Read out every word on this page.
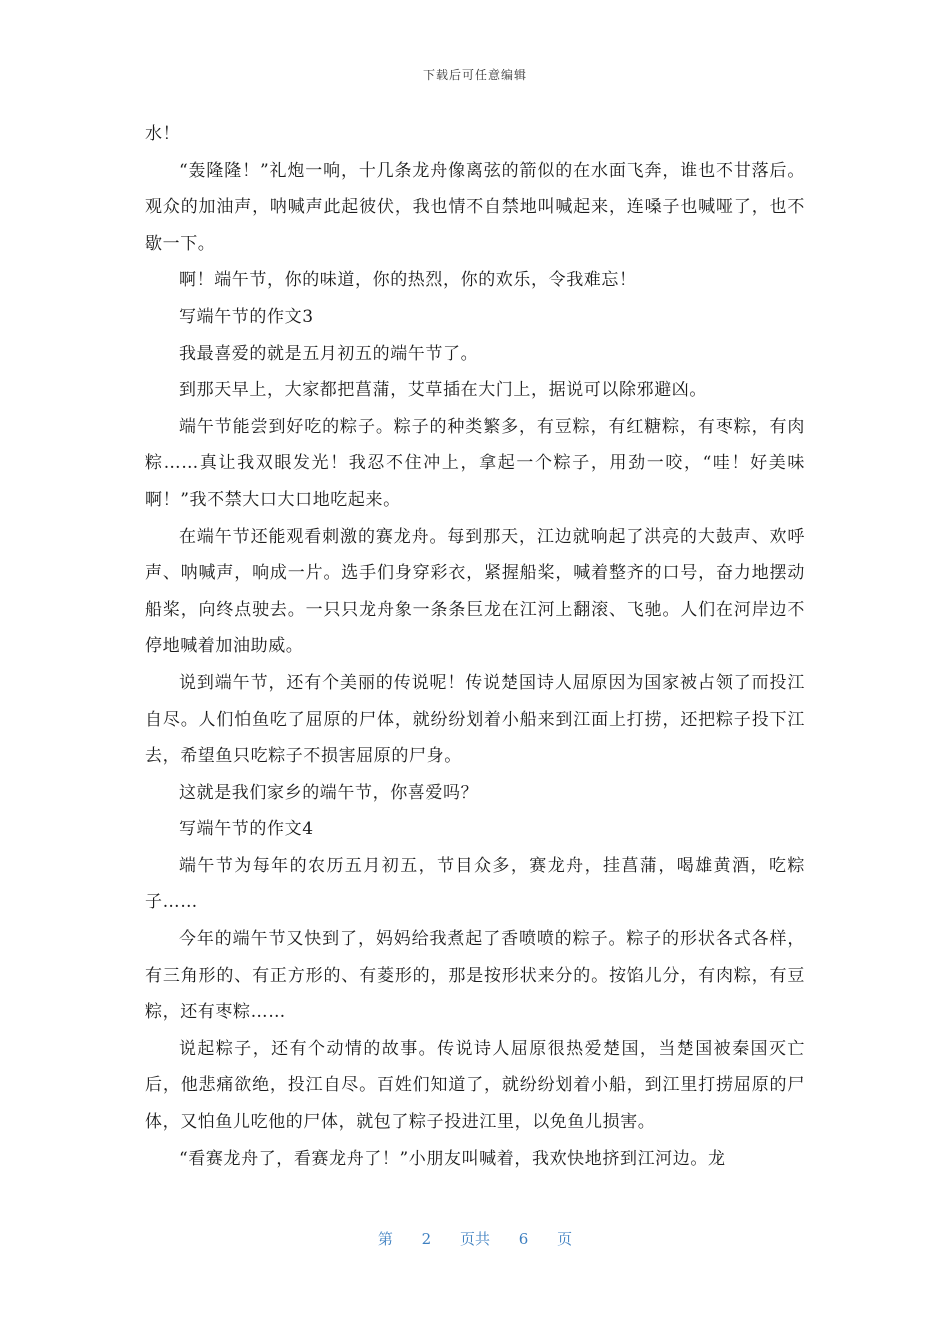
下载后可任意编辑

水！

“轰隆隆！”礼炮一响，十几条龙舟像离弦的箭似的在水面飞奔，谁也不甘落后。观众的加油声，呐喊声此起彼伏，我也情不自禁地叫喊起来，连嗓子也喊哑了，也不歇一下。

啊！端午节，你的味道，你的热烈，你的欢乐，令我难忘！

写端午节的作文3

我最喜爱的就是五月初五的端午节了。

到那天早上，大家都把菖蒲，艾草插在大门上，据说可以除邪避凶。

端午节能尝到好吃的粽子。粽子的种类繁多，有豆粽，有红糖粽，有枣粽，有肉粽……真让我双眼发光！我忍不住冲上，拿起一个粽子，用劲一咬，“哇！好美味啊！”我不禁大口大口地吃起来。

在端午节还能观看刺激的赛龙舟。每到那天，江边就响起了洪亮的大鼓声、欢呼声、呐喊声，响成一片。选手们身穿彩衣，紧握船桨，喊着整齐的口号，奋力地摆动船桨，向终点驶去。一只只龙舟象一条条巨龙在江河上翻滚、飞驰。人们在河岸边不停地喊着加油助威。

说到端午节，还有个美丽的传说呢！传说楚国诗人屈原因为国家被占领了而投江自尽。人们怕鱼吃了屈原的尸体，就纷纷划着小船来到江面上打捞，还把粽子投下江去，希望鱼只吃粽子不损害屈原的尸身。

这就是我们家乡的端午节，你喜爱吗？

写端午节的作文4

端午节为每年的农历五月初五，节目众多，赛龙舟，挂菖蒲，喝雄黄酒，吃粽子……

今年的端午节又快到了，妈妈给我煮起了香喷喷的粽子。粽子的形状各式各样，有三角形的、有正方形的、有菱形的，那是按形状来分的。按馅儿分，有肉粽，有豆粽，还有枣粽……

说起粽子，还有个动情的故事。传说诗人屈原很热爱楚国，当楚国被秦国灭亡后，他悲痛欲绝，投江自尽。百姓们知道了，就纷纷划着小船，到江里打捞屈原的尸体，又怕鱼儿吃他的尸体，就包了粽子投进江里，以免鱼儿损害。

“看赛龙舟了，看赛龙舟了！”小朋友叫喊着，我欢快地挤到江河边。龙

第 2 页共 6 页
